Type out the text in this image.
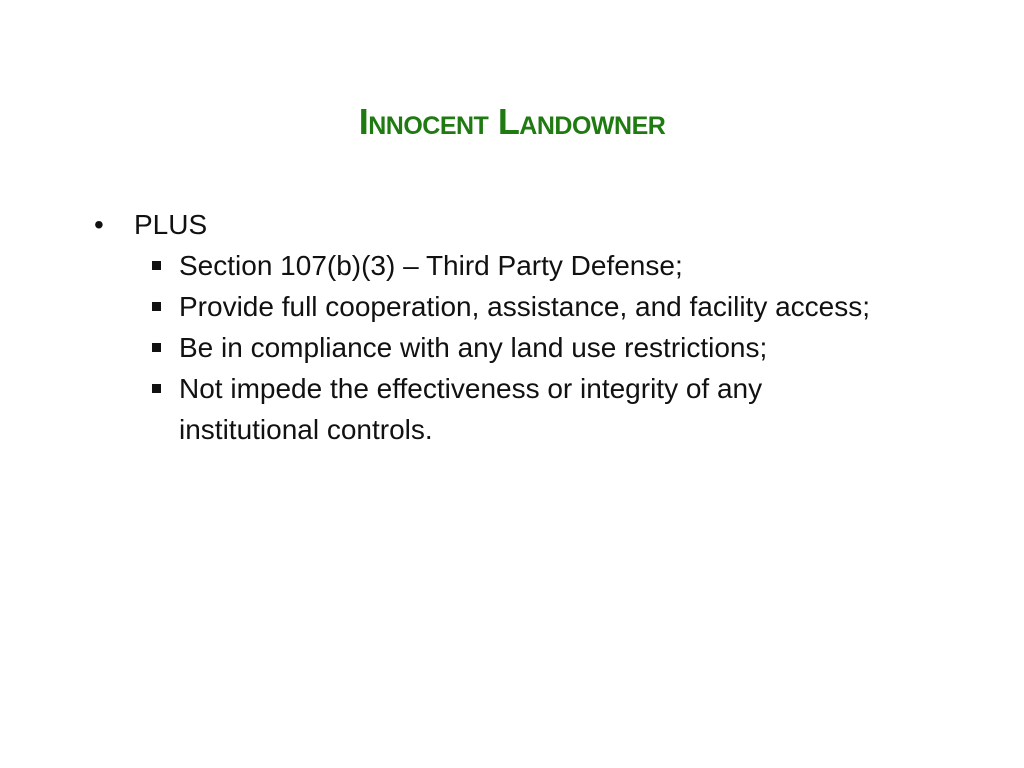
Innocent Landowner
• PLUS
Section 107(b)(3) – Third Party Defense;
Provide full cooperation, assistance, and facility access;
Be in compliance with any land use restrictions;
Not impede the effectiveness or integrity of any institutional controls.
